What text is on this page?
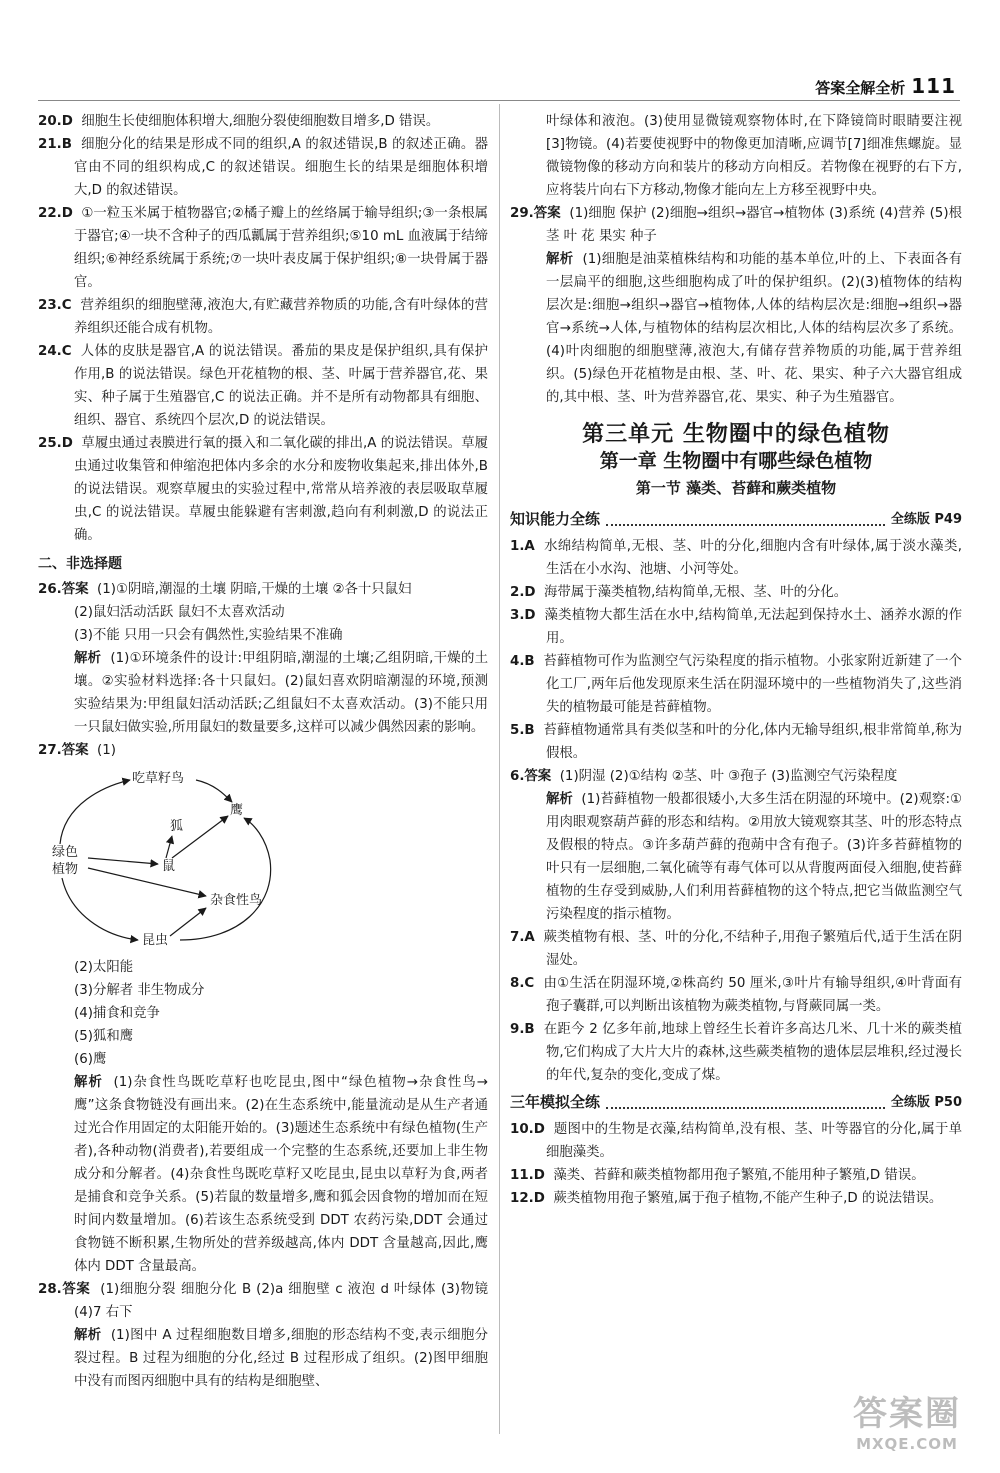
答案全解全析 111

20.D 细胞生长使细胞体积增大,细胞分裂使细胞数目增多,D 错误。

21.B 细胞分化的结果是形成不同的组织,A 的叙述错误,B 的叙述正确。器官由不同的组织构成,C 的叙述错误。细胞生长的结果是细胞体积增大,D 的叙述错误。

22.D ①一粒玉米属于植物器官;②橘子瓣上的丝络属于输导组织;③一条根属于器官;④一块不含种子的西瓜瓤属于营养组织;⑤10 mL 血液属于结缔组织;⑥神经系统属于系统;⑦一块叶表皮属于保护组织;⑧一块骨属于器官。

23.C 营养组织的细胞壁薄,液泡大,有贮藏营养物质的功能,含有叶绿体的营养组织还能合成有机物。

24.C 人体的皮肤是器官,A 的说法错误。番茄的果皮是保护组织,具有保护作用,B 的说法错误。绿色开花植物的根、茎、叶属于营养器官,花、果实、种子属于生殖器官,C 的说法正确。并不是所有动物都具有细胞、组织、器官、系统四个层次,D 的说法错误。

25.D 草履虫通过表膜进行氧的摄入和二氧化碳的排出,A 的说法错误。草履虫通过收集管和伸缩泡把体内多余的水分和废物收集起来,排出体外,B 的说法错误。观察草履虫的实验过程中,常常从培养液的表层吸取草履虫,C 的说法错误。草履虫能躲避有害刺激,趋向有利刺激,D 的说法正确。

二、非选择题

26.答案 (1)①阴暗,潮湿的土壤 阴暗,干燥的土壤 ②各十只鼠妇

(2)鼠妇活动活跃 鼠妇不太喜欢活动

(3)不能 只用一只会有偶然性,实验结果不准确

解析 (1)①环境条件的设计:甲组阴暗,潮湿的土壤;乙组阴暗,干燥的土壤。②实验材料选择:各十只鼠妇。(2)鼠妇喜欢阴暗潮湿的环境,预测实验结果为:甲组鼠妇活动活跃;乙组鼠妇不太喜欢活动。(3)不能只用一只鼠妇做实验,所用鼠妇的数量要多,这样可以减少偶然因素的影响。

27.答案 (1)

绿色
植物
吃草籽鸟
狐
鼠
鹰
杂食性鸟
昆虫

(2)太阳能

(3)分解者 非生物成分

(4)捕食和竞争

(5)狐和鹰

(6)鹰

解析 (1)杂食性鸟既吃草籽也吃昆虫,图中“绿色植物→杂食性鸟→鹰”这条食物链没有画出来。(2)在生态系统中,能量流动是从生产者通过光合作用固定的太阳能开始的。(3)题述生态系统中有绿色植物(生产者),各种动物(消费者),若要组成一个完整的生态系统,还要加上非生物成分和分解者。(4)杂食性鸟既吃草籽又吃昆虫,昆虫以草籽为食,两者是捕食和竞争关系。(5)若鼠的数量增多,鹰和狐会因食物的增加而在短时间内数量增加。(6)若该生态系统受到 DDT 农药污染,DDT 会通过食物链不断积累,生物所处的营养级越高,体内 DDT 含量越高,因此,鹰体内 DDT 含量最高。

28.答案 (1)细胞分裂 细胞分化 B (2)a 细胞壁 c 液泡 d 叶绿体 (3)物镜 (4)7 右下

解析 (1)图中 A 过程细胞数目增多,细胞的形态结构不变,表示细胞分裂过程。B 过程为细胞的分化,经过 B 过程形成了组织。(2)图甲细胞中没有而图丙细胞中具有的结构是细胞壁、

叶绿体和液泡。(3)使用显微镜观察物体时,在下降镜筒时眼睛要注视[3]物镜。(4)若要使视野中的物像更加清晰,应调节[7]细准焦螺旋。显微镜物像的移动方向和装片的移动方向相反。若物像在视野的右下方,应将装片向右下方移动,物像才能向左上方移至视野中央。

29.答案 (1)细胞 保护 (2)细胞→组织→器官→植物体 (3)系统 (4)营养 (5)根 茎 叶 花 果实 种子

解析 (1)细胞是油菜植株结构和功能的基本单位,叶的上、下表面各有一层扁平的细胞,这些细胞构成了叶的保护组织。(2)(3)植物体的结构层次是:细胞→组织→器官→植物体,人体的结构层次是:细胞→组织→器官→系统→人体,与植物体的结构层次相比,人体的结构层次多了系统。(4)叶肉细胞的细胞壁薄,液泡大,有储存营养物质的功能,属于营养组织。(5)绿色开花植物是由根、茎、叶、花、果实、种子六大器官组成的,其中根、茎、叶为营养器官,花、果实、种子为生殖器官。

第三单元 生物圈中的绿色植物
第一章 生物圈中有哪些绿色植物
第一节 藻类、苔藓和蕨类植物
知识能力全练	全练版 P49

1.A 水绵结构简单,无根、茎、叶的分化,细胞内含有叶绿体,属于淡水藻类,生活在小水沟、池塘、小河等处。

2.D 海带属于藻类植物,结构简单,无根、茎、叶的分化。

3.D 藻类植物大都生活在水中,结构简单,无法起到保持水土、涵养水源的作用。

4.B 苔藓植物可作为监测空气污染程度的指示植物。小张家附近新建了一个化工厂,两年后他发现原来生活在阴湿环境中的一些植物消失了,这些消失的植物最可能是苔藓植物。

5.B 苔藓植物通常具有类似茎和叶的分化,体内无输导组织,根非常简单,称为假根。

6.答案 (1)阴湿 (2)①结构 ②茎、叶 ③孢子 (3)监测空气污染程度

解析 (1)苔藓植物一般都很矮小,大多生活在阴湿的环境中。(2)观察:①用肉眼观察葫芦藓的形态和结构。②用放大镜观察其茎、叶的形态特点及假根的特点。③许多葫芦藓的孢蒴中含有孢子。(3)许多苔藓植物的叶只有一层细胞,二氧化硫等有毒气体可以从背腹两面侵入细胞,使苔藓植物的生存受到威胁,人们利用苔藓植物的这个特点,把它当做监测空气污染程度的指示植物。

7.A 蕨类植物有根、茎、叶的分化,不结种子,用孢子繁殖后代,适于生活在阴湿处。

8.C 由①生活在阴湿环境,②株高约 50 厘米,③叶片有输导组织,④叶背面有孢子囊群,可以判断出该植物为蕨类植物,与肾蕨同属一类。

9.B 在距今 2 亿多年前,地球上曾经生长着许多高达几米、几十米的蕨类植物,它们构成了大片大片的森林,这些蕨类植物的遗体层层堆积,经过漫长的年代,复杂的变化,变成了煤。

三年模拟全练	全练版 P50

10.D 题图中的生物是衣藻,结构简单,没有根、茎、叶等器官的分化,属于单细胞藻类。

11.D 藻类、苔藓和蕨类植物都用孢子繁殖,不能用种子繁殖,D 错误。

12.D 蕨类植物用孢子繁殖,属于孢子植物,不能产生种子,D 的说法错误。

答案圈
MXQE.COM
